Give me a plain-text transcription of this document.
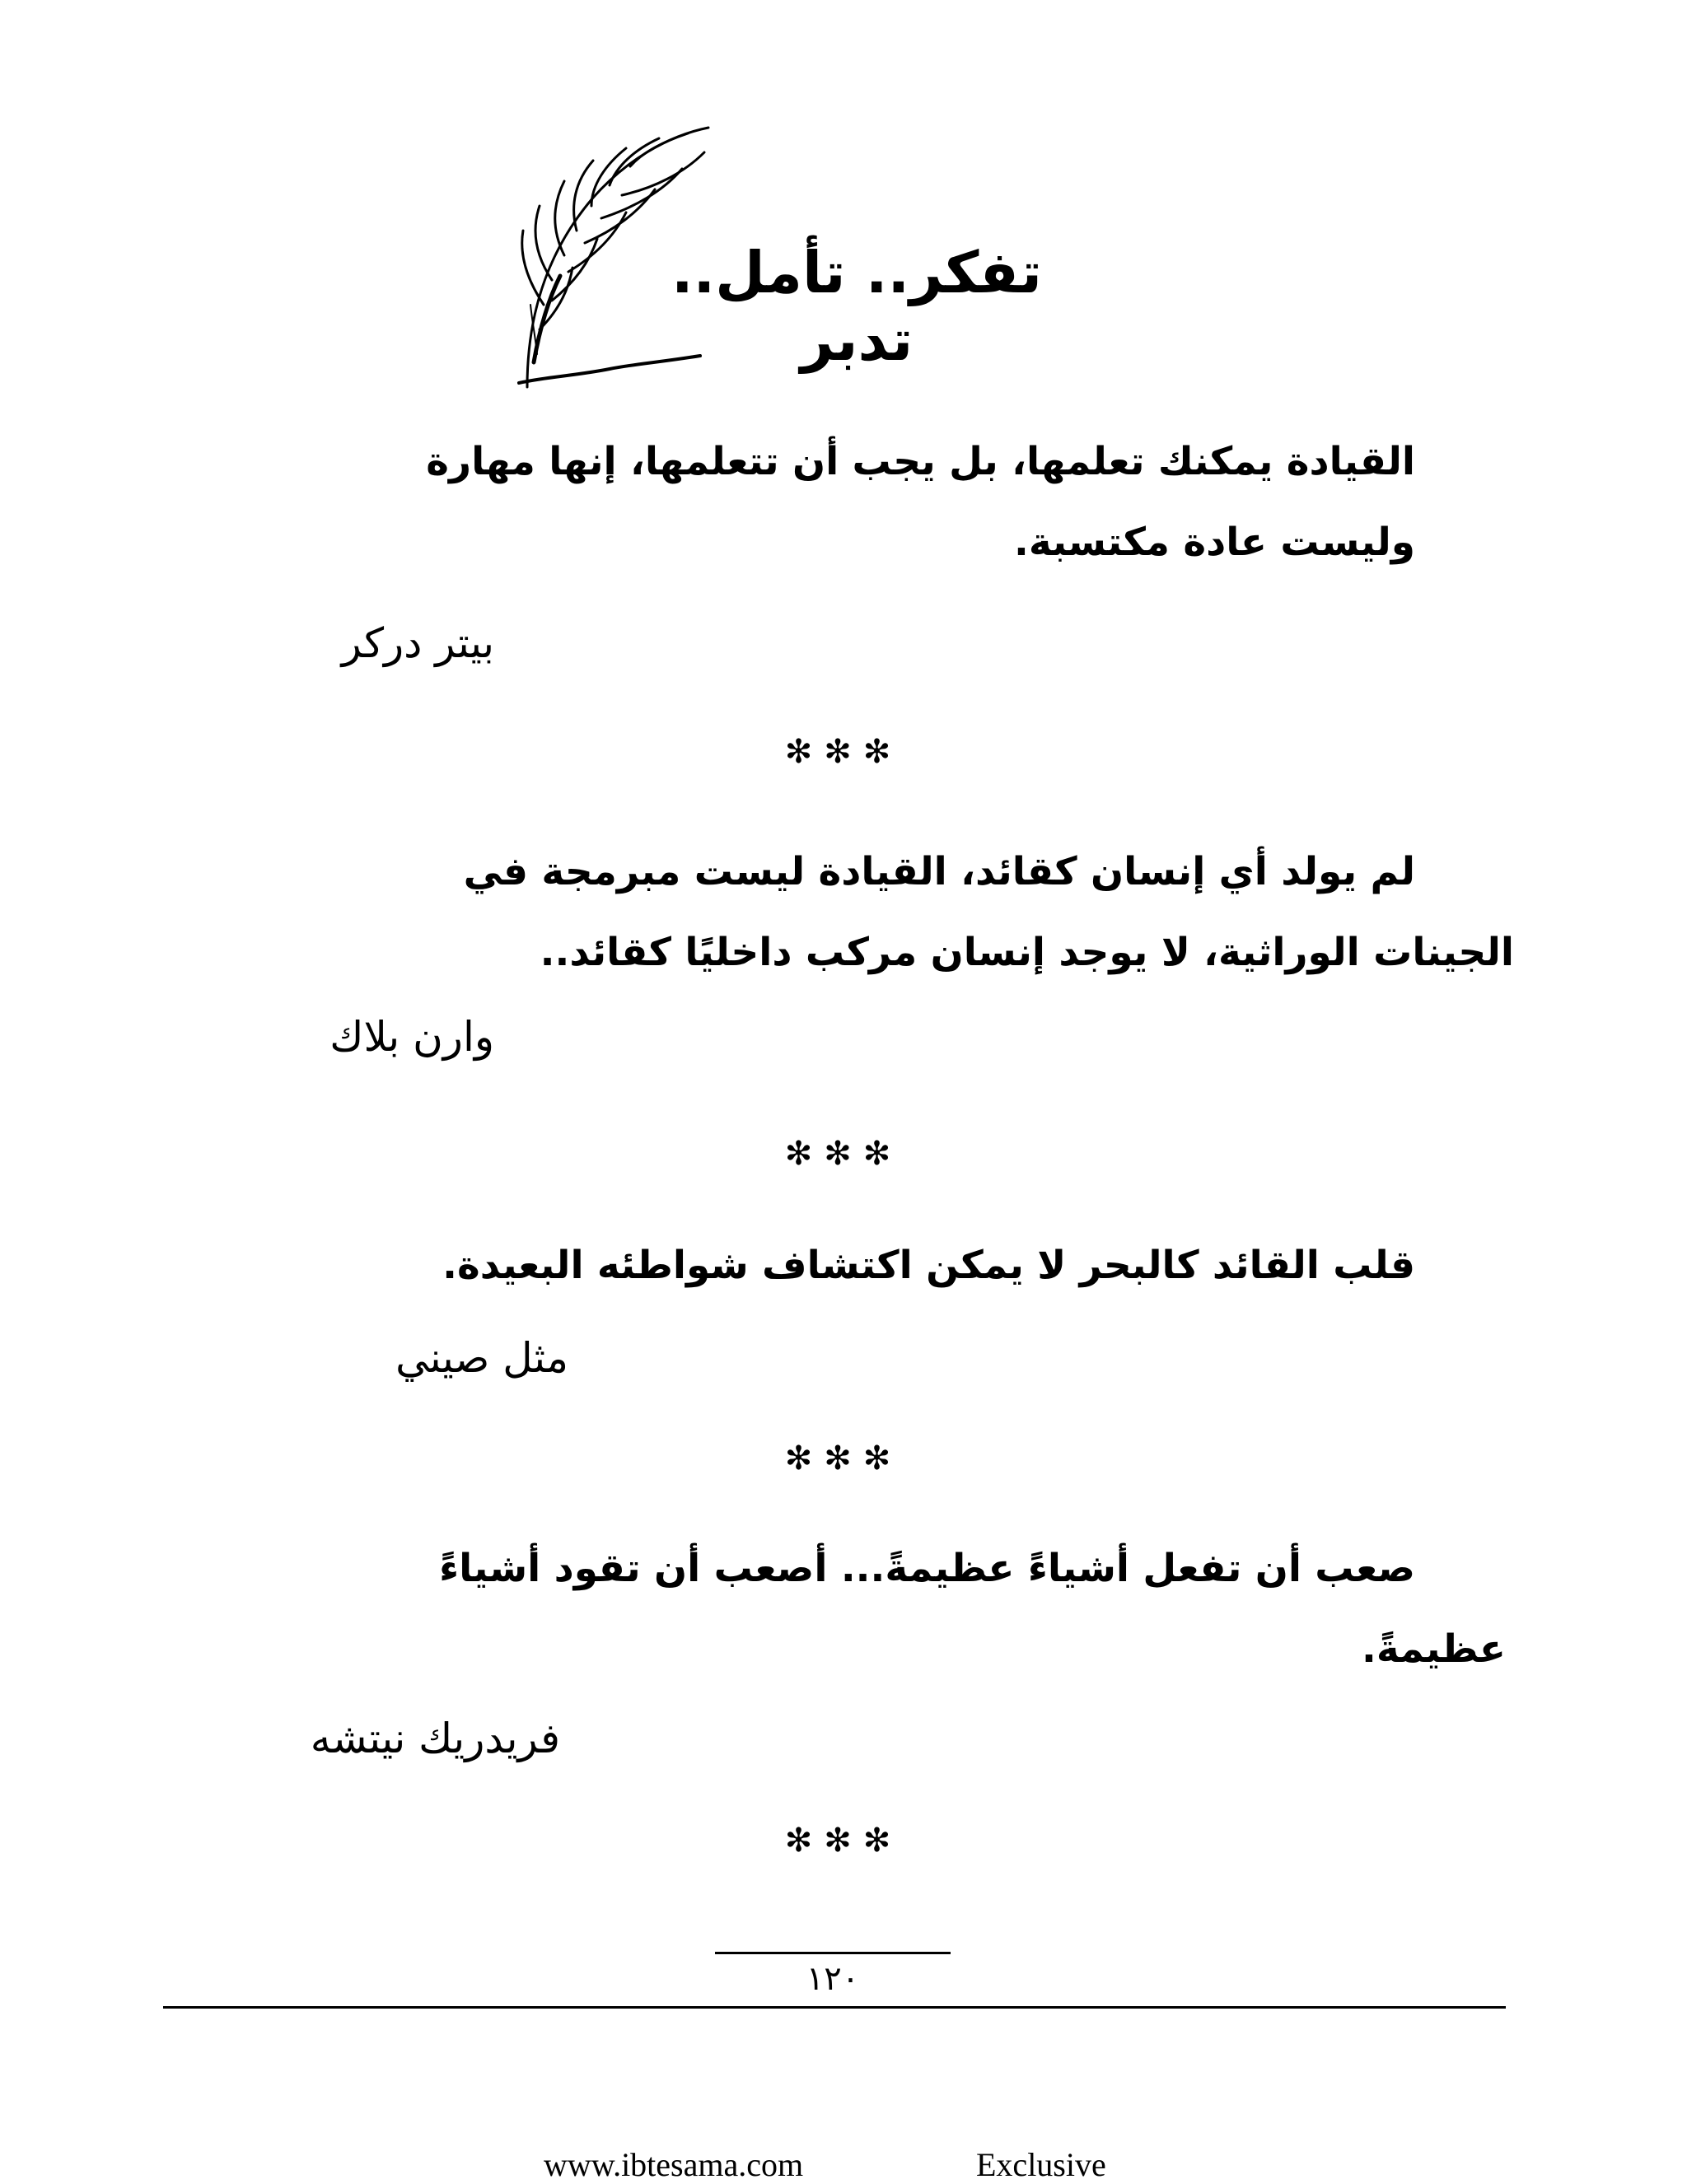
تفكر.. تأمل.. تدبر
القيادة يمكنك تعلمها، بل يجب أن تتعلمها، إنها مهارة
وليست عادة مكتسبة.
بيتر دركر
✻✻✻
لم يولد أي إنسان كقائد، القيادة ليست مبرمجة في
الجينات الوراثية، لا يوجد إنسان مركب داخليًا كقائد..
وارن بلاك
✻✻✻
قلب القائد كالبحر لا يمكن اكتشاف شواطئه البعيدة.
مثل صيني
✻✻✻
صعب أن تفعل أشياءً عظيمةً... أصعب أن تقود أشياءً
عظيمةً.
فريدريك نيتشه
✻✻✻
١٢٠
www.ibtesama.com	Exclusive
